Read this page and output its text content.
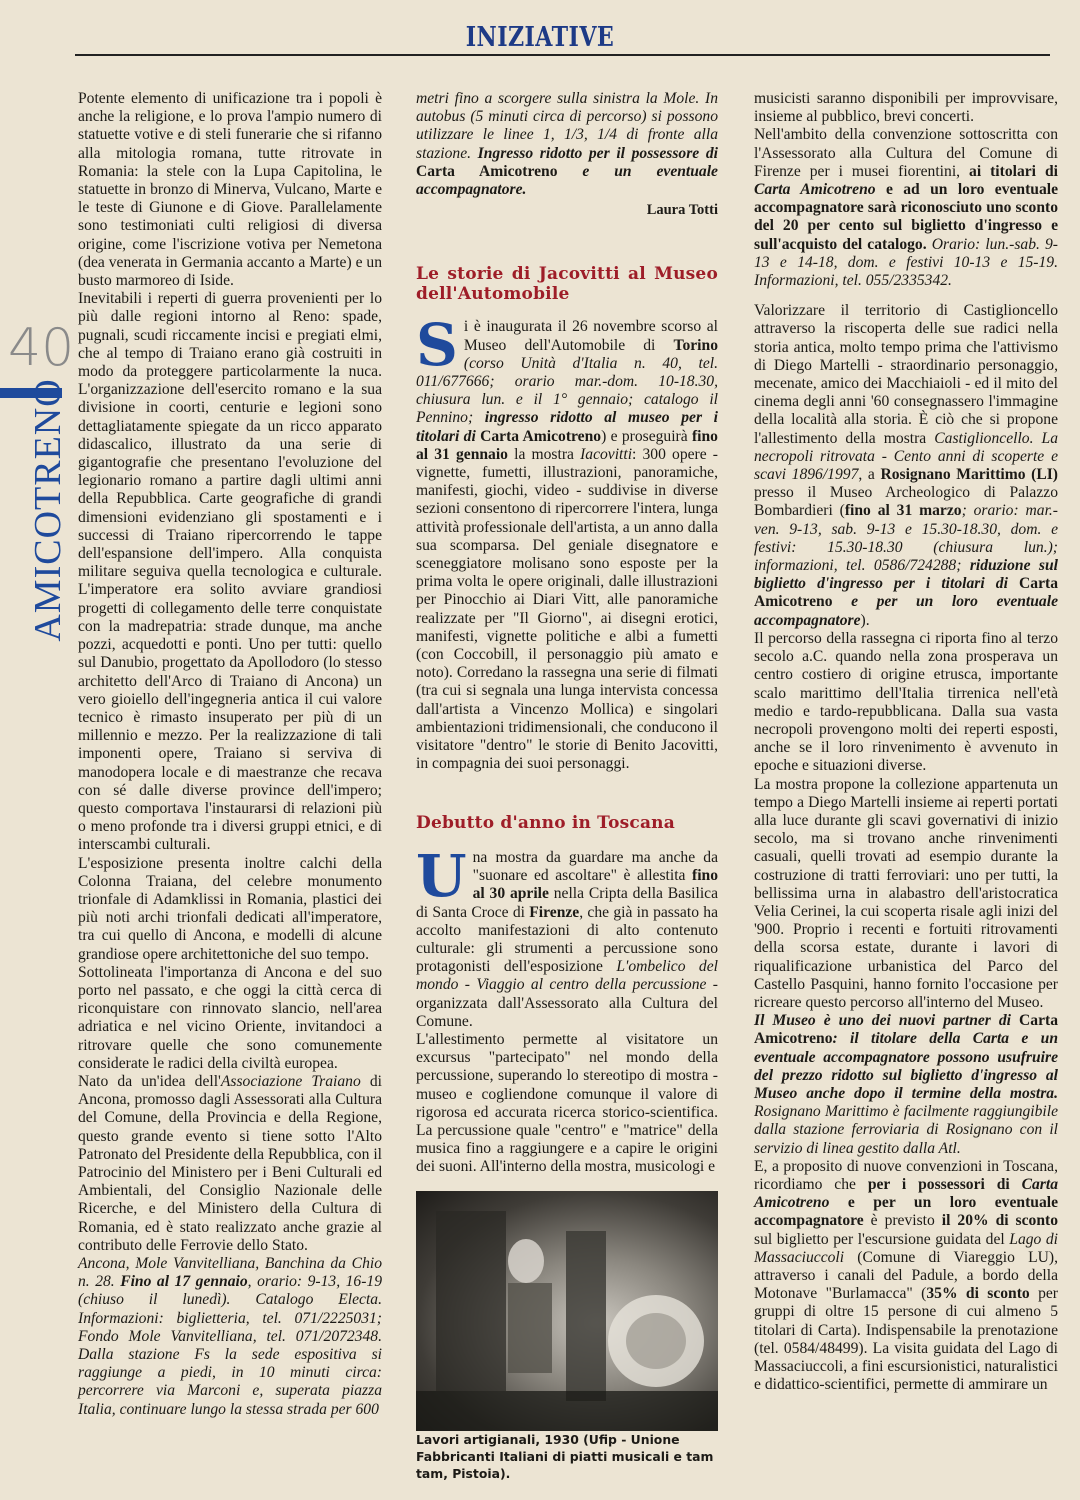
INIZIATIVE
40
AMICOTRENO

Potente elemento di unificazione tra i popoli è anche la religione, e lo prova l'ampio numero di statuette votive e di steli funerarie che si rifanno alla mitologia romana, tutte ritrovate in Romania: la stele con la Lupa Capitolina, le statuette in bronzo di Minerva, Vulcano, Marte e le teste di Giunone e di Giove. Parallelamente sono testimoniati culti religiosi di diversa origine, come l'iscrizione votiva per Nemetona (dea venerata in Germania accanto a Marte) e un busto marmoreo di Iside.

Inevitabili i reperti di guerra provenienti per lo più dalle regioni intorno al Reno: spade, pugnali, scudi riccamente incisi e pregiati elmi, che al tempo di Traiano erano già costruiti in modo da proteggere particolarmente la nuca. L'organizzazione dell'esercito romano e la sua divisione in coorti, centurie e legioni sono dettagliatamente spiegate da un ricco apparato didascalico, illustrato da una serie di gigantografie che presentano l'evoluzione del legionario romano a partire dagli ultimi anni della Repubblica. Carte geografiche di grandi dimensioni evidenziano gli spostamenti e i successi di Traiano ripercorrendo le tappe dell'espansione dell'impero. Alla conquista militare seguiva quella tecnologica e culturale. L'imperatore era solito avviare grandiosi progetti di collegamento delle terre conquistate con la madrepatria: strade dunque, ma anche pozzi, acquedotti e ponti. Uno per tutti: quello sul Danubio, progettato da Apollodoro (lo stesso architetto dell'Arco di Traiano di Ancona) un vero gioiello dell'ingegneria antica il cui valore tecnico è rimasto insuperato per più di un millennio e mezzo. Per la realizzazione di tali imponenti opere, Traiano si serviva di manodopera locale e di maestranze che recava con sé dalle diverse province dell'impero; questo comportava l'instaurarsi di relazioni più o meno profonde tra i diversi gruppi etnici, e di interscambi culturali.

L'esposizione presenta inoltre calchi della Colonna Traiana, del celebre monumento trionfale di Adamklissi in Romania, plastici dei più noti archi trionfali dedicati all'imperatore, tra cui quello di Ancona, e modelli di alcune grandiose opere architettoniche del suo tempo.

Sottolineata l'importanza di Ancona e del suo porto nel passato, e che oggi la città cerca di riconquistare con rinnovato slancio, nell'area adriatica e nel vicino Oriente, invitandoci a ritrovare quelle che sono comunemente considerate le radici della civiltà europea.

Nato da un'idea dell'Associazione Traiano di Ancona, promosso dagli Assessorati alla Cultura del Comune, della Provincia e della Regione, questo grande evento si tiene sotto l'Alto Patronato del Presidente della Repubblica, con il Patrocinio del Ministero per i Beni Culturali ed Ambientali, del Consiglio Nazionale delle Ricerche, e del Ministero della Cultura di Romania, ed è stato realizzato anche grazie al contributo delle Ferrovie dello Stato.

Ancona, Mole Vanvitelliana, Banchina da Chio n. 28. Fino al 17 gennaio, orario: 9-13, 16-19 (chiuso il lunedì). Catalogo Electa. Informazioni: biglietteria, tel. 071/2225031; Fondo Mole Vanvitelliana, tel. 071/2072348. Dalla stazione Fs la sede espositiva si raggiunge a piedi, in 10 minuti circa: percorrere via Marconi e, superata piazza Italia, continuare lungo la stessa strada per 600

metri fino a scorgere sulla sinistra la Mole. In autobus (5 minuti circa di percorso) si possono utilizzare le linee 1, 1/3, 1/4 di fronte alla stazione. Ingresso ridotto per il possessore di Carta Amicotreno e un eventuale accompagnatore.

Laura Totti

Le storie di Jacovitti al Museo dell'Automobile

Si è inaugurata il 26 novembre scorso al Museo dell'Automobile di Torino (corso Unità d'Italia n. 40, tel. 011/677666; orario mar.-dom. 10-18.30, chiusura lun. e il 1° gennaio; catalogo il Pennino; ingresso ridotto al museo per i titolari di Carta Amicotreno) e proseguirà fino al 31 gennaio la mostra Iacovitti: 300 opere - vignette, fumetti, illustrazioni, panoramiche, manifesti, giochi, video - suddivise in diverse sezioni consentono di ripercorrere l'intera, lunga attività professionale dell'artista, a un anno dalla sua scomparsa. Del geniale disegnatore e sceneggiatore molisano sono esposte per la prima volta le opere originali, dalle illustrazioni per Pinocchio ai Diari Vitt, alle panoramiche realizzate per "Il Giorno", ai disegni erotici, manifesti, vignette politiche e albi a fumetti (con Coccobill, il personaggio più amato e noto). Corredano la rassegna una serie di filmati (tra cui si segnala una lunga intervista concessa dall'artista a Vincenzo Mollica) e singolari ambientazioni tridimensionali, che conducono il visitatore "dentro" le storie di Benito Jacovitti, in compagnia dei suoi personaggi.

Debutto d'anno in Toscana

Una mostra da guardare ma anche da "suonare ed ascoltare" è allestita fino al 30 aprile nella Cripta della Basilica di Santa Croce di Firenze, che già in passato ha accolto manifestazioni di alto contenuto culturale: gli strumenti a percussione sono protagonisti dell'esposizione L'ombelico del mondo - Viaggio al centro della percussione - organizzata dall'Assessorato alla Cultura del Comune.

L'allestimento permette al visitatore un excursus "partecipato" nel mondo della percussione, superando lo stereotipo di mostra - museo e cogliendone comunque il valore di rigorosa ed accurata ricerca storico-scientifica. La percussione quale "centro" e "matrice" della musica fino a raggiungere e a capire le origini dei suoni. All'interno della mostra, musicologi e

Lavori artigianali, 1930 (Ufip - Unione Fabbricanti Italiani di piatti musicali e tam tam, Pistoia).

musicisti saranno disponibili per improvvisare, insieme al pubblico, brevi concerti.

Nell'ambito della convenzione sottoscritta con l'Assessorato alla Cultura del Comune di Firenze per i musei fiorentini, ai titolari di Carta Amicotreno e ad un loro eventuale accompagnatore sarà riconosciuto uno sconto del 20 per cento sul biglietto d'ingresso e sull'acquisto del catalogo. Orario: lun.-sab. 9-13 e 14-18, dom. e festivi 10-13 e 15-19. Informazioni, tel. 055/2335342.

Valorizzare il territorio di Castiglioncello attraverso la riscoperta delle sue radici nella storia antica, molto tempo prima che l'attivismo di Diego Martelli - straordinario personaggio, mecenate, amico dei Macchiaioli - ed il mito del cinema degli anni '60 consegnassero l'immagine della località alla storia. È ciò che si propone l'allestimento della mostra Castiglioncello. La necropoli ritrovata - Cento anni di scoperte e scavi 1896/1997, a Rosignano Marittimo (LI) presso il Museo Archeologico di Palazzo Bombardieri (fino al 31 marzo; orario: mar.-ven. 9-13, sab. 9-13 e 15.30-18.30, dom. e festivi: 15.30-18.30 (chiusura lun.); informazioni, tel. 0586/724288; riduzione sul biglietto d'ingresso per i titolari di Carta Amicotreno e per un loro eventuale accompagnatore).

Il percorso della rassegna ci riporta fino al terzo secolo a.C. quando nella zona prosperava un centro costiero di origine etrusca, importante scalo marittimo dell'Italia tirrenica nell'età medio e tardo-repubblicana. Dalla sua vasta necropoli provengono molti dei reperti esposti, anche se il loro rinvenimento è avvenuto in epoche e situazioni diverse.

La mostra propone la collezione appartenuta un tempo a Diego Martelli insieme ai reperti portati alla luce durante gli scavi governativi di inizio secolo, ma si trovano anche rinvenimenti casuali, quelli trovati ad esempio durante la costruzione di tratti ferroviari: uno per tutti, la bellissima urna in alabastro dell'aristocratica Velia Cerinei, la cui scoperta risale agli inizi del '900. Proprio i recenti e fortuiti ritrovamenti della scorsa estate, durante i lavori di riqualificazione urbanistica del Parco del Castello Pasquini, hanno fornito l'occasione per ricreare questo percorso all'interno del Museo.

Il Museo è uno dei nuovi partner di Carta Amicotreno: il titolare della Carta e un eventuale accompagnatore possono usufruire del prezzo ridotto sul biglietto d'ingresso al Museo anche dopo il termine della mostra. Rosignano Marittimo è facilmente raggiungibile dalla stazione ferroviaria di Rosignano con il servizio di linea gestito dalla Atl.

E, a proposito di nuove convenzioni in Toscana, ricordiamo che per i possessori di Carta Amicotreno e per un loro eventuale accompagnatore è previsto il 20% di sconto sul biglietto per l'escursione guidata del Lago di Massaciuccoli (Comune di Viareggio LU), attraverso i canali del Padule, a bordo della Motonave "Burlamacca" (35% di sconto per gruppi di oltre 15 persone di cui almeno 5 titolari di Carta). Indispensabile la prenotazione (tel. 0584/48499). La visita guidata del Lago di Massaciuccoli, a fini escursionistici, naturalistici e didattico-scientifici, permette di ammirare un
